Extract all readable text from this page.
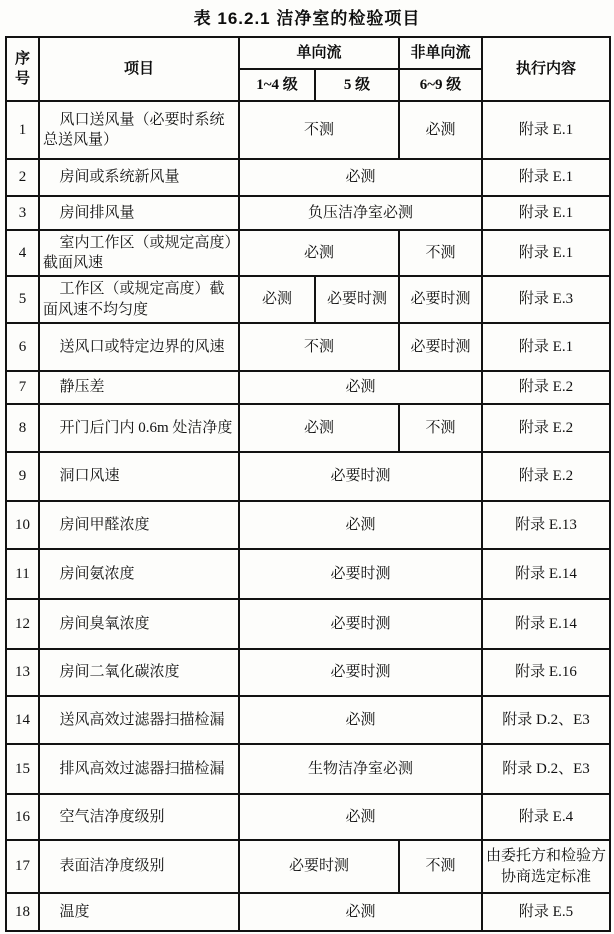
表 16.2.1 洁净室的检验项目
序号	项目	单向流		非单向流	执行内容
		1~4 级	5 级	6~9 级	
1	风口送风量（必要时系统总送风量）	不测		必测	附录 E.1
2	房间或系统新风量	必测			附录 E.1
3	房间排风量	负压洁净室必测			附录 E.1
4	室内工作区（或规定高度）截面风速	必测		不测	附录 E.1
5	工作区（或规定高度）截面风速不均匀度	必测	必要时测	必要时测	附录 E.3
6	送风口或特定边界的风速	不测		必要时测	附录 E.1
7	静压差	必测			附录 E.2
8	开门后门内 0.6m 处洁净度	必测		不测	附录 E.2
9	洞口风速	必要时测			附录 E.2
10	房间甲醛浓度	必测			附录 E.13
11	房间氨浓度	必要时测			附录 E.14
12	房间臭氧浓度	必要时测			附录 E.14
13	房间二氧化碳浓度	必要时测			附录 E.16
14	送风高效过滤器扫描检漏	必测			附录 D.2、E3
15	排风高效过滤器扫描检漏	生物洁净室必测			附录 D.2、E3
16	空气洁净度级别	必测			附录 E.4
17	表面洁净度级别	必要时测		不测	由委托方和检验方协商选定标准
18	温度	必测			附录 E.5
